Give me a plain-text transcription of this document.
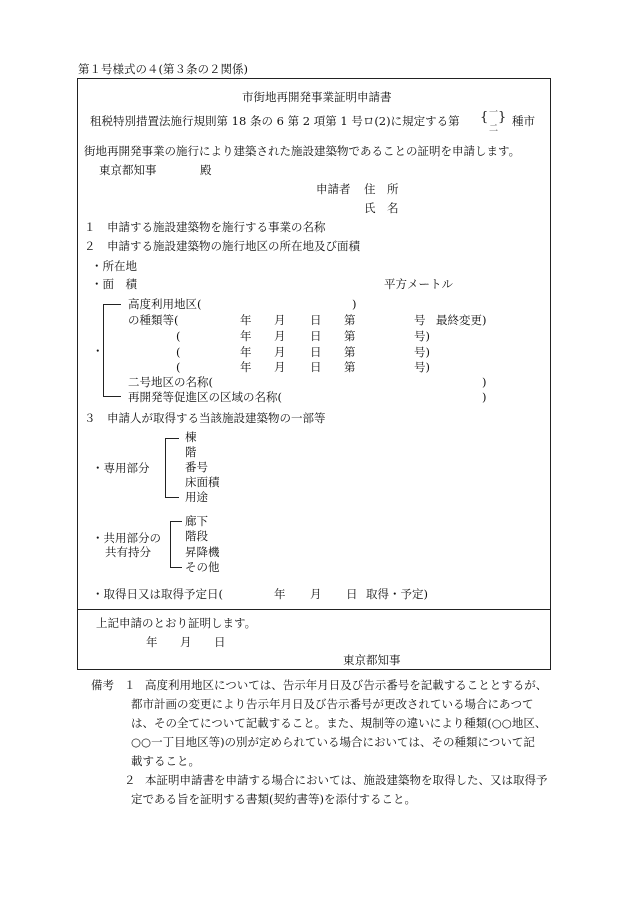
第１号様式の４(第３条の２関係)
市街地再開発事業証明申請書
租税特別措置法施行規則第 18 条の 6 第 2 項第 1 号ロ(2)に規定する第 { 一
二
} 種市
街地再開発事業の施行により建築された施設建築物であることの証明を申請します。
東京都知事	殿
申請者 住　所
氏　名
１　申請する施設建築物を施行する事業の名称
２　申請する施設建築物の施行地区の所在地及び面積
・所在地
・面　積	平方メートル
・
高度利用地区(	)
の種類等(	年 月 日 第	号 最終変更)
(	年 月 日 第	号)
(	年 月 日 第	号)
(	年 月 日 第	号)
二号地区の名称(	)
再開発等促進区の区域の名称(	)
３　申請人が取得する当該施設建築物の一部等
・専用部分
棟
階
番号
床面積
用途
・共用部分の
共有持分
廊下
階段
昇降機
その他
・取得日又は取得予定日(	年 月 日 取得・予定)
上記申請のとおり証明します。
年 月 日
東京都知事
備考 １ 高度利用地区については、告示年月日及び告示番号を記載することとするが、
都市計画の変更により告示年月日及び告示番号が更改されている場合にあつて
は、その全てについて記載すること。また、規制等の違いにより種類(○○地区、
○○一丁目地区等)の別が定められている場合においては、その種類について記
載すること。
２ 本証明申請書を申請する場合においては、施設建築物を取得した、又は取得予
定である旨を証明する書類(契約書等)を添付すること。
